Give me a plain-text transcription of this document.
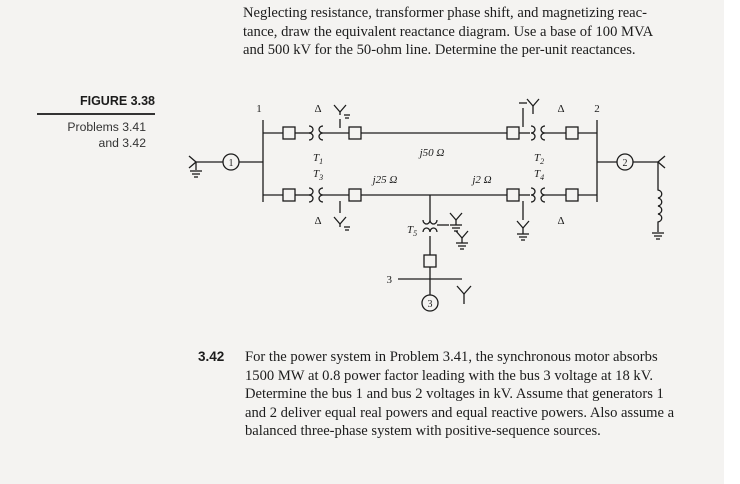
Neglecting resistance, transformer phase shift, and magnetizing reac-
tance, draw the equivalent reactance diagram. Use a base of 100 MVA
and 500 kV for the 50-ohm line. Determine the per-unit reactances.
FIGURE 3.38
Problems 3.41
and 3.42
1	2
Δ	Δ
Δ	Δ
3
1	2
3
$T_1$
$T_3$
$T_2$
$T_4$
$T_5$
j50 Ω
j25 Ω	j2 Ω
3.42 For the power system in Problem 3.41, the synchronous motor absorbs
1500 MW at 0.8 power factor leading with the bus 3 voltage at 18 kV.
Determine the bus 1 and bus 2 voltages in kV. Assume that generators 1
and 2 deliver equal real powers and equal reactive powers. Also assume a
balanced three-phase system with positive-sequence sources.
